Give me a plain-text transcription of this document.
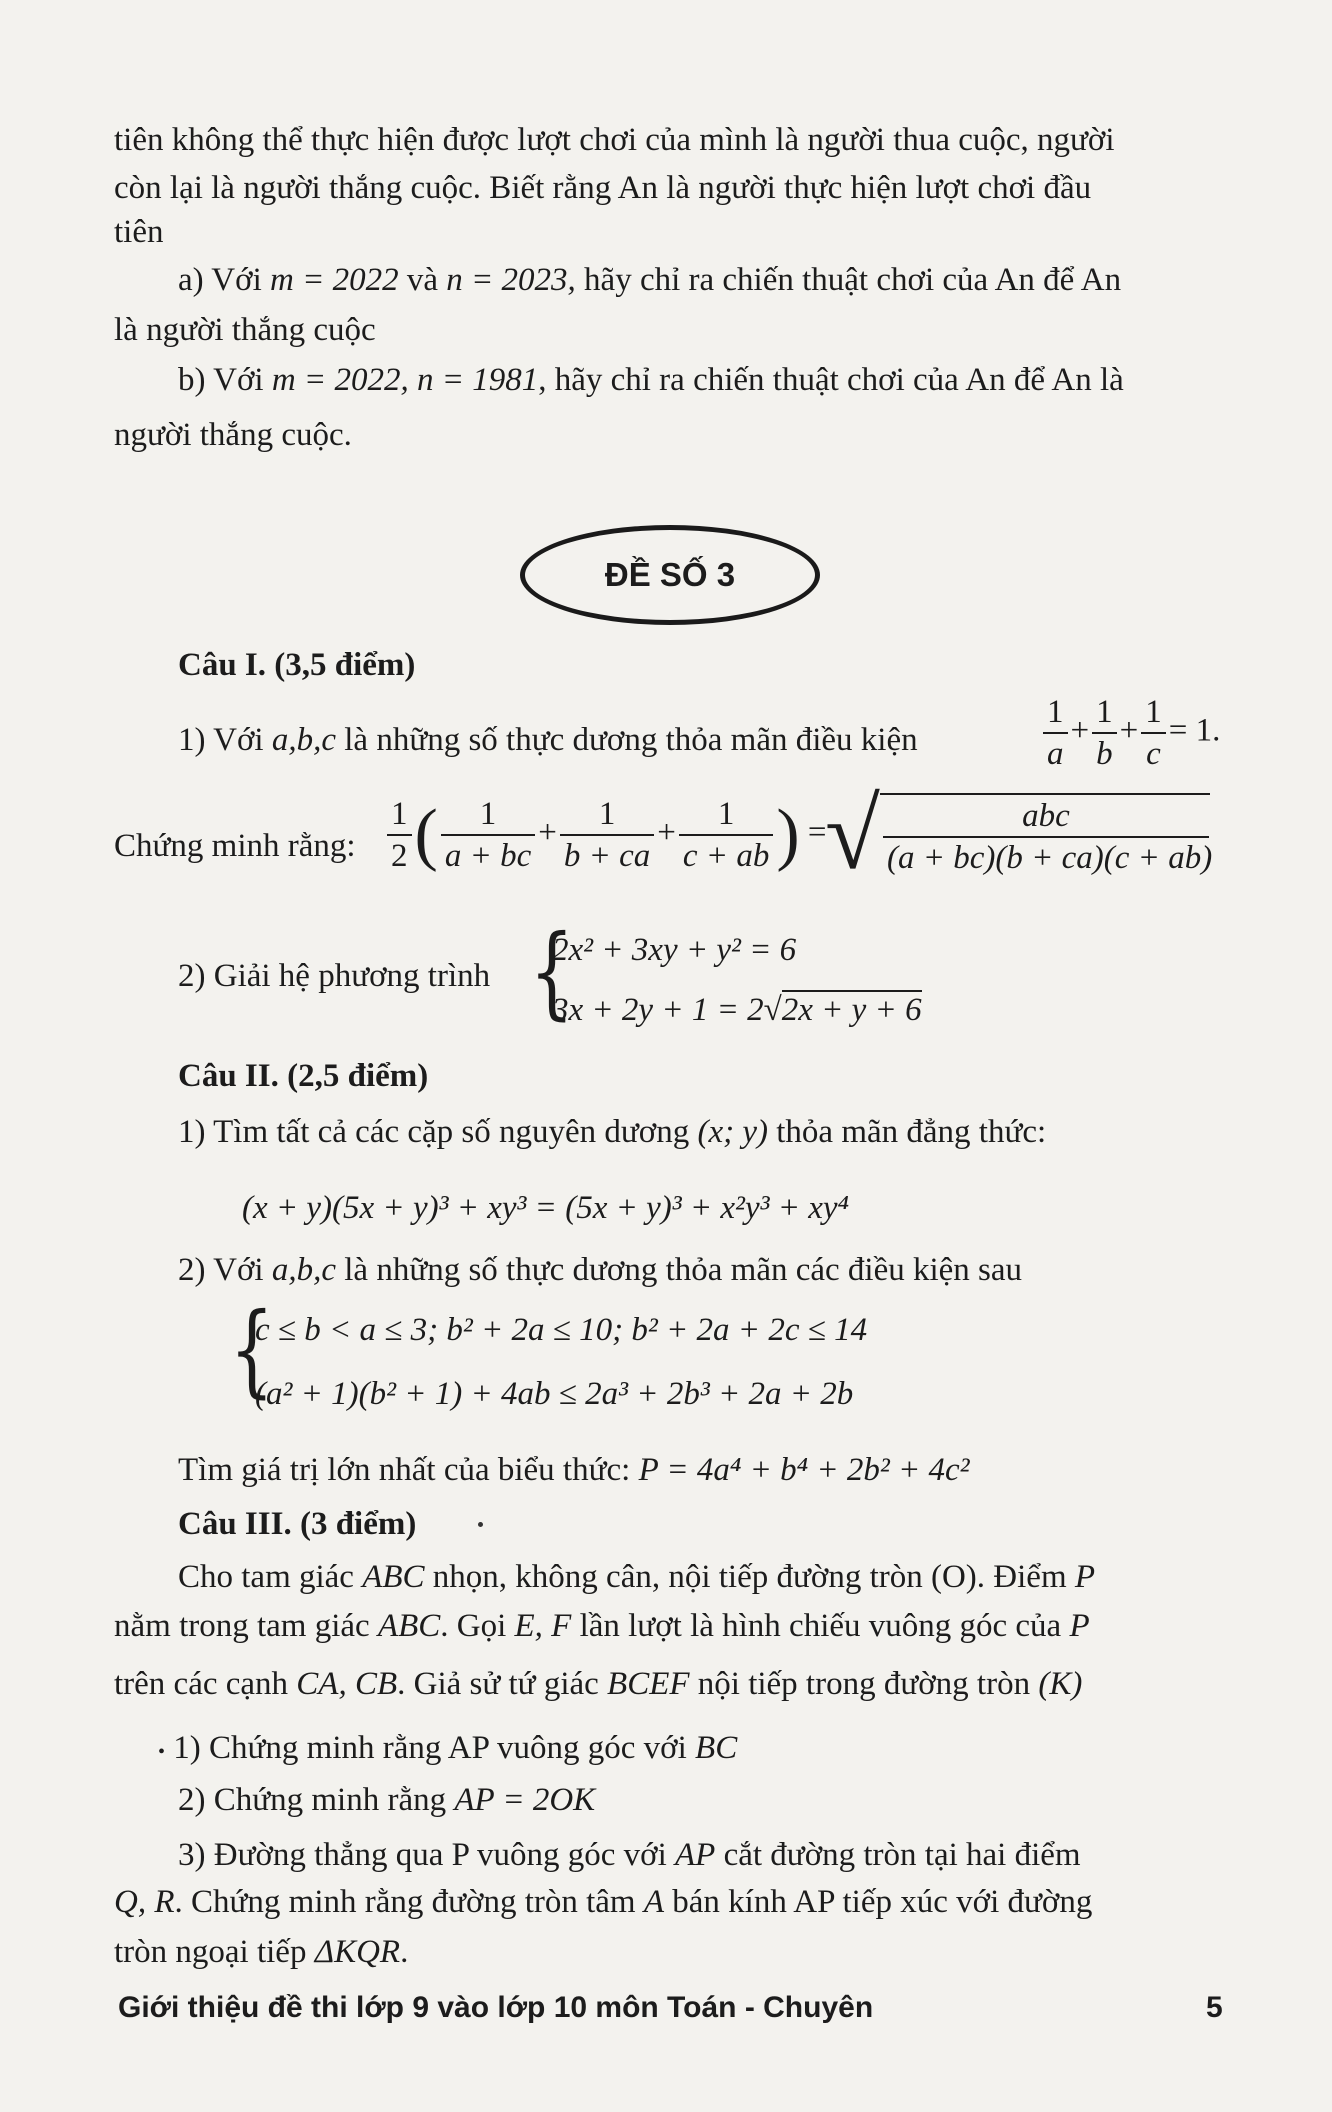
tiên không thể thực hiện được lượt chơi của mình là người thua cuộc, người
còn lại là người thắng cuộc. Biết rằng An là người thực hiện lượt chơi đầu
tiên
a) Với m = 2022 và n = 2023, hãy chỉ ra chiến thuật chơi của An để An
là người thắng cuộc
b) Với m = 2022, n = 1981, hãy chỉ ra chiến thuật chơi của An để An là
người thắng cuộc.
ĐỀ SỐ 3
Câu I. (3,5 điểm)
1) Với a,b,c là những số thực dương thỏa mãn điều kiện	$\frac{1}{a} + \frac{1}{b} + \frac{1}{c} = 1$.
Chứng minh rằng: $\frac{1}{2}$ ( $\frac{1}{a + bc} + \frac{1}{b + ca} + \frac{1}{c + ab}$ ) =
√ $\frac{\text{abc}}{(a + bc)(b + ca)(c + ab)}$
2) Giải hệ phương trình {
2x² + 3xy + y² = 6
3x + 2y + 1 = 2√2x + y + 6
Câu II. (2,5 điểm)
1) Tìm tất cả các cặp số nguyên dương (x; y) thỏa mãn đẳng thức:
(x + y)(5x + y)³ + xy³ = (5x + y)³ + x²y³ + xy⁴
2) Với a,b,c là những số thực dương thỏa mãn các điều kiện sau
{
c ≤ b < a ≤ 3; b² + 2a ≤ 10; b² + 2a + 2c ≤ 14
(a² + 1)(b² + 1) + 4ab ≤ 2a³ + 2b³ + 2a + 2b
Tìm giá trị lớn nhất của biểu thức: P = 4a⁴ + b⁴ + 2b² + 4c²
Câu III. (3 điểm)
Cho tam giác ABC nhọn, không cân, nội tiếp đường tròn (O). Điểm P
nằm trong tam giác ABC. Gọi E, F lần lượt là hình chiếu vuông góc của P
trên các cạnh CA, CB. Giả sử tứ giác BCEF nội tiếp trong đường tròn (K)
• 1) Chứng minh rằng AP vuông góc với BC
2) Chứng minh rằng AP = 2OK
3) Đường thẳng qua P vuông góc với AP cắt đường tròn tại hai điểm
Q, R. Chứng minh rằng đường tròn tâm A bán kính AP tiếp xúc với đường
tròn ngoại tiếp ΔKQR.
Giới thiệu đề thi lớp 9 vào lớp 10 môn Toán - Chuyên	5
